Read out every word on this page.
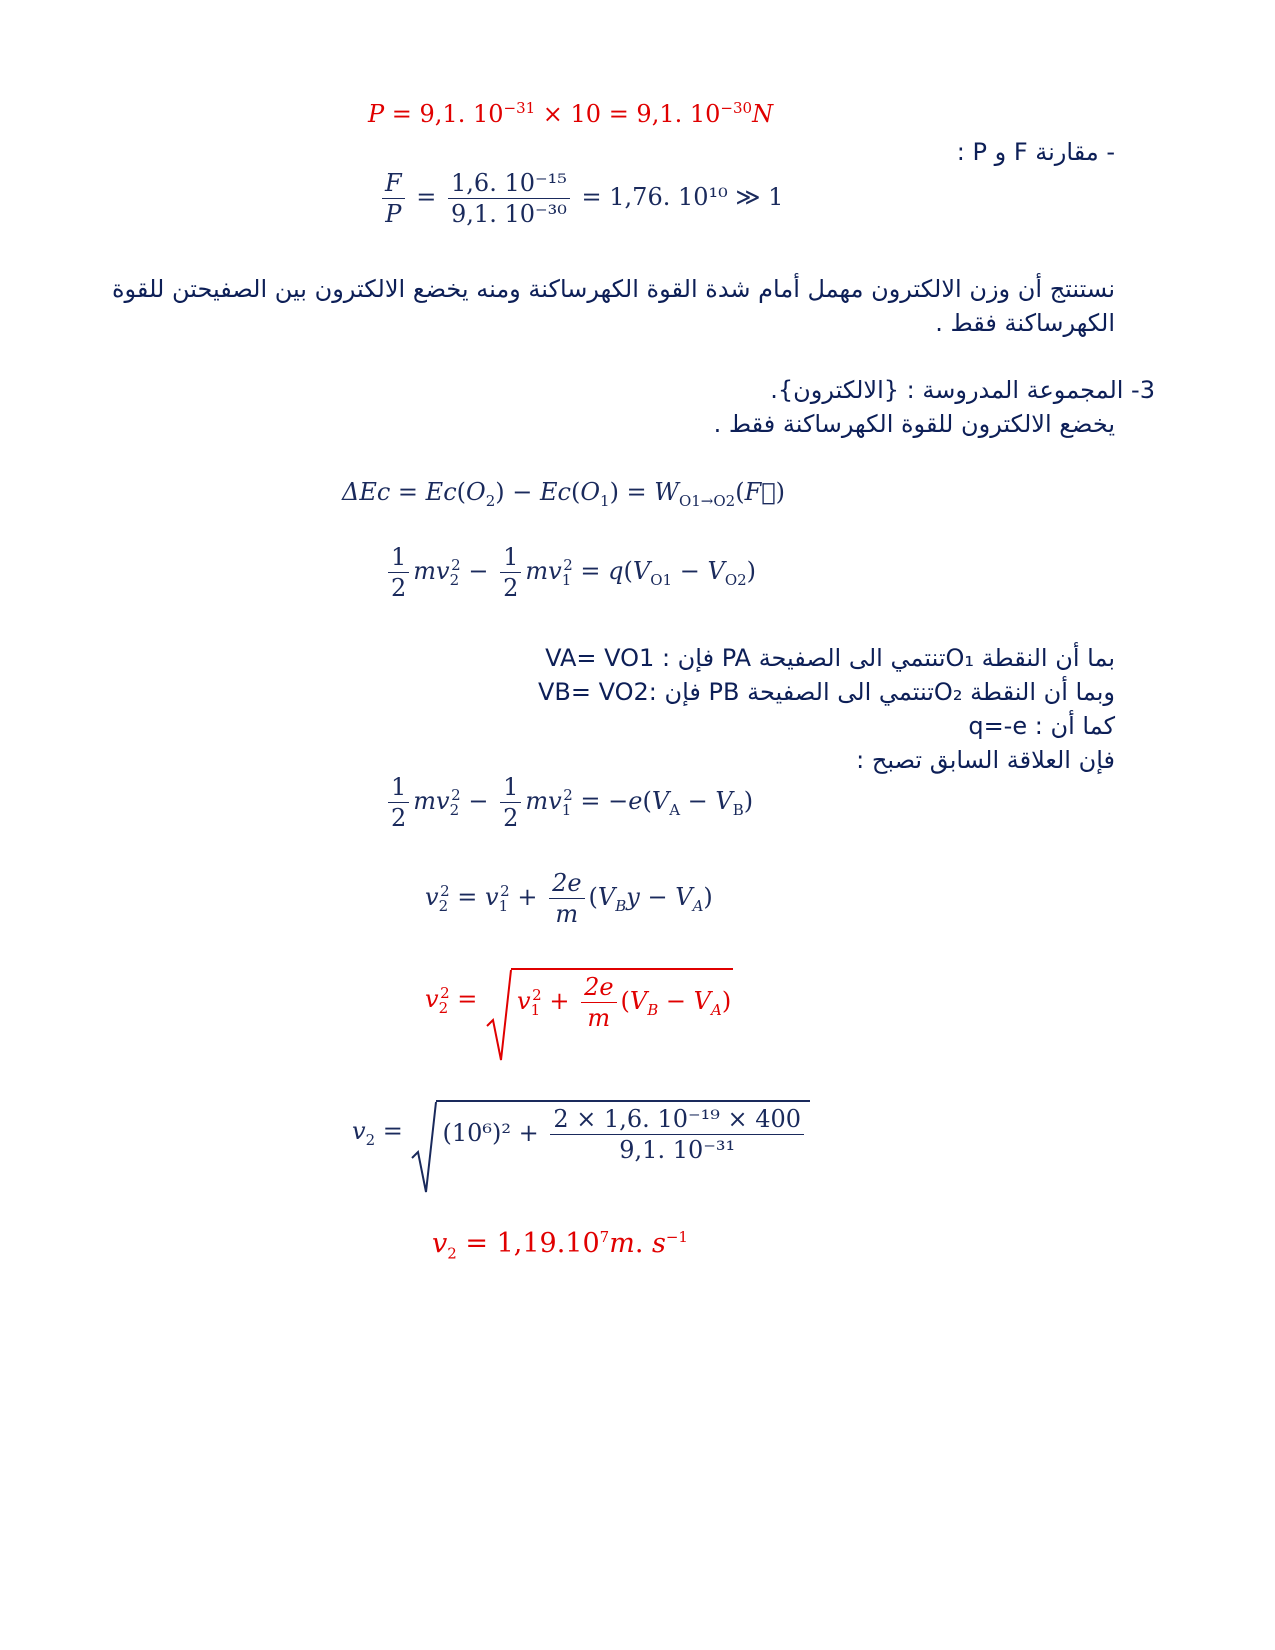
P = 9,1. $10^{-31} \times 10 = 9,1$. $10^{-30}N$
- مقارنة F و P :
$\frac{F}{P} = \frac{\text{1,6. 10⁻¹⁵}}{\text{9,1. 10⁻³⁰}} = 1,76$. 10¹⁰ ≫ 1
نستنتج أن وزن الالكترون مهمل أمام شدة القوة الكهرساكنة ومنه يخضع الالكترون بين الصفيحتن للقوة الكهرساكنة فقط .
3- المجموعة المدروسة : {الالكترون}.
يخضع الالكترون للقوة الكهرساكنة فقط .
$\Delta Ec = Ec(O_2) - Ec(O_1)$ = $W_{O1\to O2}(F⃗)$
$\frac{1}{2} mv_2^2 - \frac{1}{2} mv_1^2 = q(V_{O1} - V_{O2})$
بما أن النقطة O₁تنتمي الى الصفيحة PA فإن : VA= VO1
وبما أن النقطة O₂تنتمي الى الصفيحة PB فإن :VB= VO2
كما أن : q=-e
فإن العلاقة السابق تصبح :
$\frac{1}{2} mv_2^2 - \frac{1}{2} mv_1^2 = -e(V_A - V_B)$
$v_2^2 = v_1^2 + \frac{2e}{m} (V_By - V_A)$
$v_2^2$ =
$v_1^2 + \frac{2e}{m} (V_B - V_A)$
$v_2$ =
$(10^6)^2 + \frac{\text{2 × 1,6. 10⁻¹⁹ × 400}}{\text{9,1. 10⁻³¹}}$
$v_2 = 1,19.10^7m$. $s^{-1}$
